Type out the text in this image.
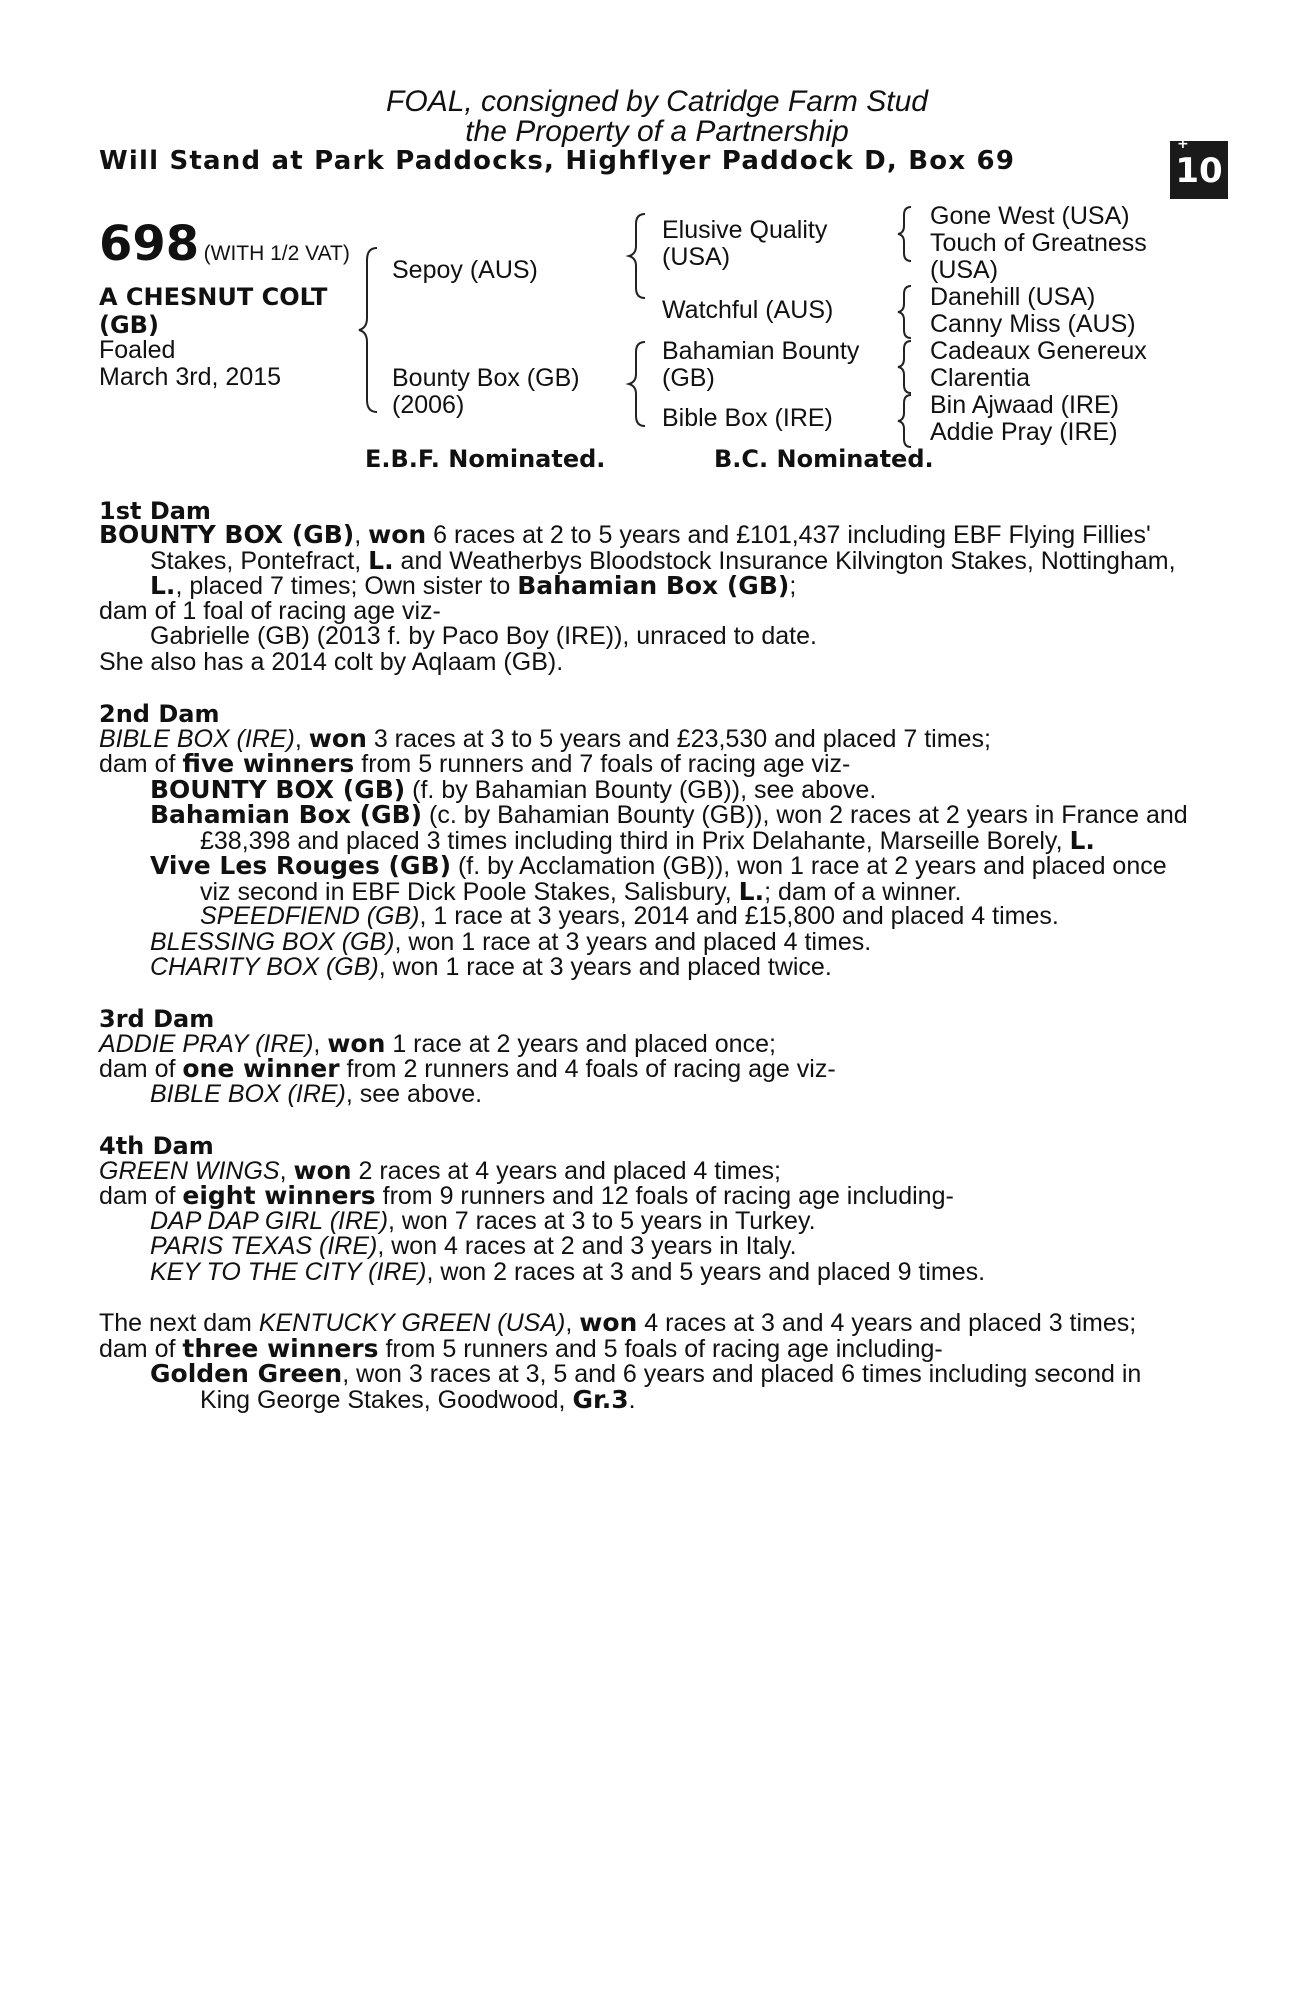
FOAL, consigned by Catridge Farm Stud
the Property of a Partnership
Will Stand at Park Paddocks, Highflyer Paddock D, Box 69
+
10
698 (WITH 1/2 VAT)
A CHESNUT COLT
(GB)
Foaled
March 3rd, 2015
Sepoy (AUS)
Bounty Box (GB)
(2006)
Elusive Quality
(USA)
Watchful (AUS)
Bahamian Bounty
(GB)
Bible Box (IRE)
Gone West (USA)
Touch of Greatness
(USA)
Danehill (USA)
Canny Miss (AUS)
Cadeaux Genereux
Clarentia
Bin Ajwaad (IRE)
Addie Pray (IRE)
E.B.F. Nominated.	B.C. Nominated.
1st Dam
BOUNTY BOX (GB), won 6 races at 2 to 5 years and £101,437 including EBF Flying Fillies'
Stakes, Pontefract, L. and Weatherbys Bloodstock Insurance Kilvington Stakes, Nottingham,
L., placed 7 times; Own sister to Bahamian Box (GB);
dam of 1 foal of racing age viz-
Gabrielle (GB) (2013 f. by Paco Boy (IRE)), unraced to date.
She also has a 2014 colt by Aqlaam (GB).
2nd Dam
BIBLE BOX (IRE), won 3 races at 3 to 5 years and £23,530 and placed 7 times;
dam of five winners from 5 runners and 7 foals of racing age viz-
BOUNTY BOX (GB) (f. by Bahamian Bounty (GB)), see above.
Bahamian Box (GB) (c. by Bahamian Bounty (GB)), won 2 races at 2 years in France and
£38,398 and placed 3 times including third in Prix Delahante, Marseille Borely, L.
Vive Les Rouges (GB) (f. by Acclamation (GB)), won 1 race at 2 years and placed once
viz second in EBF Dick Poole Stakes, Salisbury, L.; dam of a winner.
SPEEDFIEND (GB), 1 race at 3 years, 2014 and £15,800 and placed 4 times.
BLESSING BOX (GB), won 1 race at 3 years and placed 4 times.
CHARITY BOX (GB), won 1 race at 3 years and placed twice.
3rd Dam
ADDIE PRAY (IRE), won 1 race at 2 years and placed once;
dam of one winner from 2 runners and 4 foals of racing age viz-
BIBLE BOX (IRE), see above.
4th Dam
GREEN WINGS, won 2 races at 4 years and placed 4 times;
dam of eight winners from 9 runners and 12 foals of racing age including-
DAP DAP GIRL (IRE), won 7 races at 3 to 5 years in Turkey.
PARIS TEXAS (IRE), won 4 races at 2 and 3 years in Italy.
KEY TO THE CITY (IRE), won 2 races at 3 and 5 years and placed 9 times.
The next dam KENTUCKY GREEN (USA), won 4 races at 3 and 4 years and placed 3 times;
dam of three winners from 5 runners and 5 foals of racing age including-
Golden Green, won 3 races at 3, 5 and 6 years and placed 6 times including second in
King George Stakes, Goodwood, Gr.3.
